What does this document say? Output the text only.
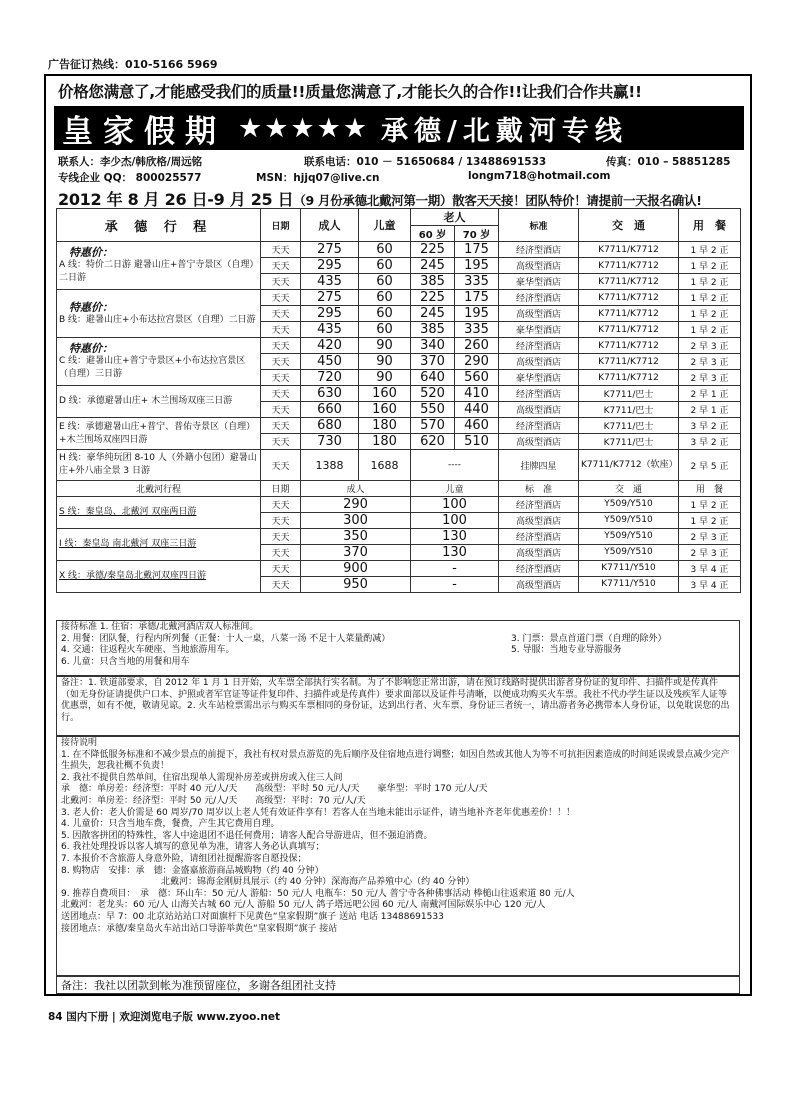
广告征订热线：010-5166 5969
价格您满意了,才能感受我们的质量!!质量您满意了,才能长久的合作!!让我们合作共赢!!
皇家假期 ★★★★★ 承德/北戴河专线
联系人：李少杰/韩欣格/周远铭	联系电话：010 － 51650684 / 13488691533	传真：010 – 58851285
专线企业 QQ： 800025577	MSN：hjjq07@live.cn	longm718@hotmail.com
2012 年 8 月 26 日-9 月 25 日（9 月份承德北戴河第一期）散客天天接！团队特价！请提前一天报名确认!
承 德 行 程	日期	成人	儿童	老人		标准	交　通	用　餐
				60 岁	70 岁			

特惠价：
A 线：特价二日游 避暑山庄+普宁寺景区（自理）二日游	天天	275	60	225	175	经济型酒店	K7711/K7712	1 早 2 正
	天天	295	60	245	195	高级型酒店	K7711/K7712	1 早 2 正
	天天	435	60	385	335	豪华型酒店	K7711/K7712	1 早 2 正

特惠价：
B 线：避暑山庄+小布达拉宫景区（自理）二日游	天天	275	60	225	175	经济型酒店	K7711/K7712	1 早 2 正
	天天	295	60	245	195	高级型酒店	K7711/K7712	1 早 2 正
	天天	435	60	385	335	豪华型酒店	K7711/K7712	1 早 2 正

特惠价：
C 线：避暑山庄+普宁寺景区+小布达拉宫景区（自理）三日游	天天	420	90	340	260	经济型酒店	K7711/K7712	2 早 3 正
	天天	450	90	370	290	高级型酒店	K7711/K7712	2 早 3 正
	天天	720	90	640	560	豪华型酒店	K7711/K7712	2 早 3 正
D 线：承德避暑山庄+ 木兰围场双座三日游	天天	630	160	520	410	经济型酒店	K7711/巴士	2 早 1 正
	天天	660	160	550	440	高级型酒店	K7711/巴士	2 早 1 正
E 线：承德避暑山庄+普宁、普佑寺景区（自理）+木兰围场双座四日游	天天	680	180	570	460	经济型酒店	K7711/巴士	3 早 2 正
	天天	730	180	620	510	高级型酒店	K7711/巴士	3 早 2 正
H 线：豪华纯玩团 8-10 人（外籍小包团）避暑山庄+外八庙全景 3 日游	天天	1388	1688	----		挂牌四星	K7711/K7712（软座）	2 早 5 正
北戴河行程	日期	成人		儿童		标　准	交　通	用　餐
S 线：秦皇岛、北戴河 双座两日游	天天	290		100		经济型酒店	Y509/Y510	1 早 2 正
	天天	300		100		高级型酒店	Y509/Y510	1 早 2 正
I 线：秦皇岛 南北戴河 双座三日游	天天	350		130		经济型酒店	Y509/Y510	2 早 3 正
	天天	370		130		高级型酒店	Y509/Y510	2 早 3 正
X 线：承德/秦皇岛北戴河双座四日游	天天	900		-		经济型酒店	K7711/Y510	3 早 4 正
	天天	950		-		高级型酒店	K7711/Y510	3 早 4 正
接待标准 1. 住宿：承德/北戴河酒店双人标准间。
2. 用餐：团队餐，行程内所列餐（正餐：十人一桌，八菜一汤 不足十人菜量酌减）	3. 门票：景点首道门票（自理的除外）
4. 交通：往返程火车硬座、当地旅游用车。	5. 导服：当地专业导游服务
6. 儿童：只含当地的用餐和用车
备注：1. 铁道部要求，自 2012 年 1 月 1 日开始，火车票全部执行实名制。为了不影响您正常出游，请在预订线路时提供出游者身份证的复印件、扫描件或是传真件（如无身份证请提供户口本、护照或者军官证等证件复印件、扫描件或是传真件）要求面部以及证件号清晰，以便成功购买火车票。我社不代办学生证以及残疾军人证等优惠票，如有不便，敬请见谅。2. 火车站检票需出示与购买车票相同的身份证，达到出行者、火车票、身份证三者统一，请出游者务必携带本人身份证，以免耽误您的出行。
接待说明
1. 在不降低服务标准和不减少景点的前提下，我社有权对景点游览的先后顺序及住宿地点进行调整；如因自然或其他人为等不可抗拒因素造成的时间延误或景点减少完产生损失，恕我社概不负责！
2. 我社不提供自然单间，住宿出现单人需现补房差或拼房或入住三人间
承　德：单房差：经济型：平时 40 元/人/天　　高级型：平时 50 元/人/天　　豪华型：平时 170 元/人/天
北戴河：单房差：经济型：平时 50 元/人/天　　高级型：平时：70 元/人/天
3. 老人价：老人价需是 60 周岁/70 周岁以上老人凭有效证件享有！若客人在当地未能出示证件，请当地补齐老年优惠差价！！！
4. 儿童价：只含当地车费，餐费，产生其它费用自理。
5. 因散客拼团的特殊性，客人中途退团不退任何费用；请客人配合导游进店，但不强迫消费。
6. 我社处理投诉以客人填写的意见单为准，请客人务必认真填写；
7. 本报价不含旅游人身意外险，请组团社提醒游客自愿投保；
8. 购物店　安排：承　德：金盛嘉旅游商品城购物（约 40 分钟）
北戴河：锦海金刚厨具展示（约 40 分钟）深海海产品养殖中心（约 40 分钟）
9. 推荐自费项目：　承　德：环山车：50 元/人 游船：50 元/人 电瓶车：50 元/人 普宁寺各种佛事活动 棒槌山往返索道 80 元/人
北戴河：老龙头：60 元/人 山海关古城 60 元/人 游船 50 元/人 鸽子塔远吧公园 60 元/人 南戴河国际娱乐中心 120 元/人
送团地点：早 7：00 北京站站站口对面旗杆下见黄色“皇家假期”旗子 送站 电话 13488691533
接团地点：承德/秦皇岛火车站出站口导游举黄色“皇家假期”旗子 接站
备注：我社以团款到帐为准预留座位，多谢各组团社支持
84 国内下册 | 欢迎浏览电子版 www.zyoo.net
